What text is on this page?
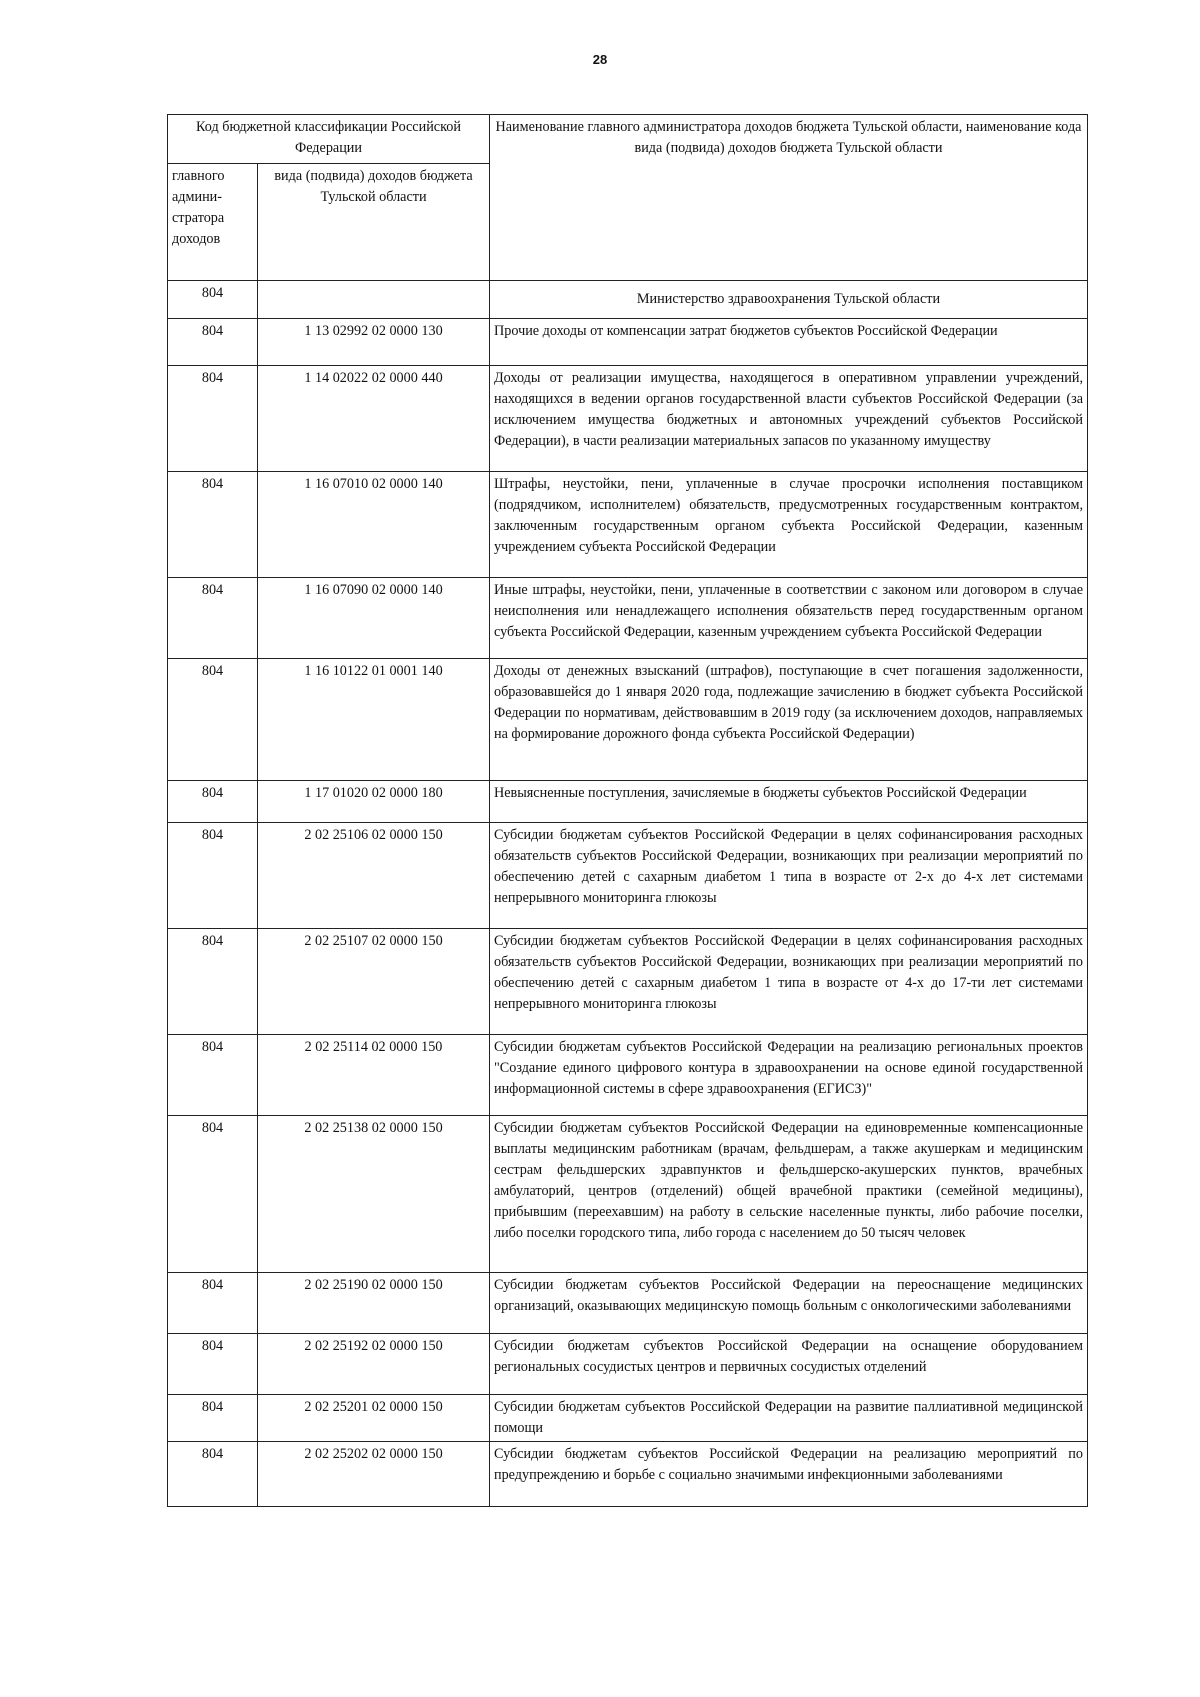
28
Код бюджетной классификации Российской Федерации		Наименование главного администратора доходов бюджета Тульской области, наименование кода вида (подвида) доходов бюджета Тульской области
главного админи-стратора доходов	вида (подвида) доходов бюджета Тульской области	
804		Министерство здравоохранения Тульской области
804	1 13 02992 02 0000 130	Прочие доходы от компенсации затрат бюджетов субъектов Российской Федерации
804	1 14 02022 02 0000 440	Доходы от реализации имущества, находящегося в оперативном управлении учреждений, находящихся в ведении органов государственной власти субъектов Российской Федерации (за исключением имущества бюджетных и автономных учреждений субъектов Российской Федерации), в части реализации материальных запасов по указанному имуществу
804	1 16 07010 02 0000 140	Штрафы, неустойки, пени, уплаченные в случае просрочки исполнения поставщиком (подрядчиком, исполнителем) обязательств, предусмотренных государственным контрактом, заключенным государственным органом субъекта Российской Федерации, казенным учреждением субъекта Российской Федерации
804	1 16 07090 02 0000 140	Иные штрафы, неустойки, пени, уплаченные в соответствии с законом или договором в случае неисполнения или ненадлежащего исполнения обязательств перед государственным органом субъекта Российской Федерации, казенным учреждением субъекта Российской Федерации
804	1 16 10122 01 0001 140	Доходы от денежных взысканий (штрафов), поступающие в счет погашения задолженности, образовавшейся до 1 января 2020 года, подлежащие зачислению в бюджет субъекта Российской Федерации по нормативам, действовавшим в 2019 году (за исключением доходов, направляемых на формирование дорожного фонда субъекта Российской Федерации)
804	1 17 01020 02 0000 180	Невыясненные поступления, зачисляемые в бюджеты субъектов Российской Федерации
804	2 02 25106 02 0000 150	Субсидии бюджетам субъектов Российской Федерации в целях софинансирования расходных обязательств субъектов Российской Федерации, возникающих при реализации мероприятий по обеспечению детей с сахарным диабетом 1 типа в возрасте от 2-х до 4-х лет системами непрерывного мониторинга глюкозы
804	2 02 25107 02 0000 150	Субсидии бюджетам субъектов Российской Федерации в целях софинансирования расходных обязательств субъектов Российской Федерации, возникающих при реализации мероприятий по обеспечению детей с сахарным диабетом 1 типа в возрасте от 4-х до 17-ти лет системами непрерывного мониторинга глюкозы
804	2 02 25114 02 0000 150	Субсидии бюджетам субъектов Российской Федерации на реализацию региональных проектов "Создание единого цифрового контура в здравоохранении на основе единой государственной информационной системы в сфере здравоохранения (ЕГИСЗ)"
804	2 02 25138 02 0000 150	Субсидии бюджетам субъектов Российской Федерации на единовременные компенсационные выплаты медицинским работникам (врачам, фельдшерам, а также акушеркам и медицинским сестрам фельдшерских здравпунктов и фельдшерско-акушерских пунктов, врачебных амбулаторий, центров (отделений) общей врачебной практики (семейной медицины), прибывшим (переехавшим) на работу в сельские населенные пункты, либо рабочие поселки, либо поселки городского типа, либо города с населением до 50 тысяч человек
804	2 02 25190 02 0000 150	Субсидии бюджетам субъектов Российской Федерации на переоснащение медицинских организаций, оказывающих медицинскую помощь больным с онкологическими заболеваниями
804	2 02 25192 02 0000 150	Субсидии бюджетам субъектов Российской Федерации на оснащение оборудованием региональных сосудистых центров и первичных сосудистых отделений
804	2 02 25201 02 0000 150	Субсидии бюджетам субъектов Российской Федерации на развитие паллиативной медицинской помощи
804	2 02 25202 02 0000 150	Субсидии бюджетам субъектов Российской Федерации на реализацию мероприятий по предупреждению и борьбе с социально значимыми инфекционными заболеваниями
